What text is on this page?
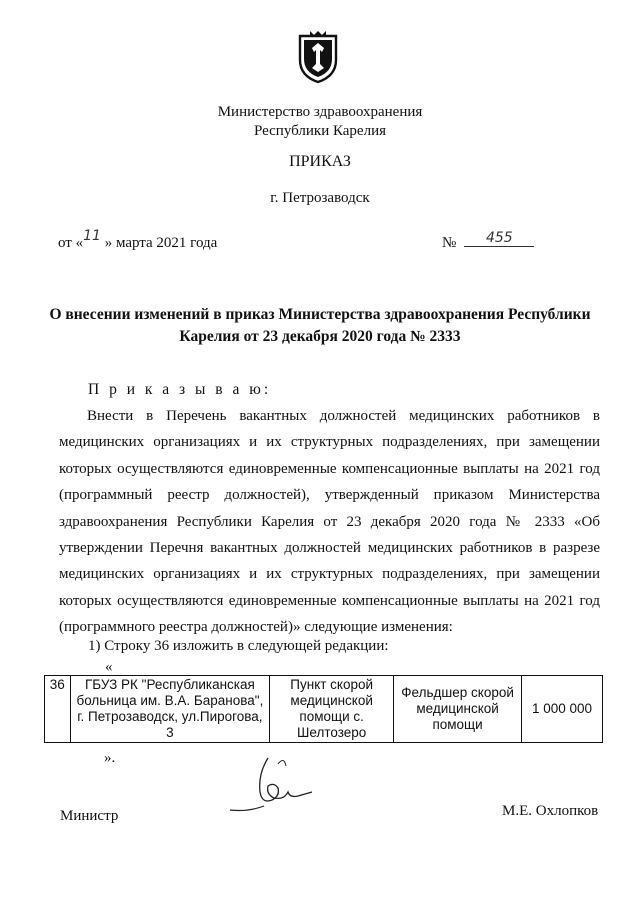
Министерство здравоохранения
Республики Карелия
ПРИКАЗ
г. Петрозаводск
от «11 » марта 2021 года	№ 455
О внесении изменений в приказ Министерства здравоохранения Республики
Карелия от 23 декабря 2020 года № 2333
П р и к а з ы в а ю:
Внести в Перечень вакантных должностей медицинских работников в медицинских организациях и их структурных подразделениях, при замещении которых осуществляются единовременные компенсационные выплаты на 2021 год (программный реестр должностей), утвержденный приказом Министерства здравоохранения Республики Карелия от 23 декабря 2020 года № 2333 «Об утверждении Перечня вакантных должностей медицинских работников в разрезе медицинских организациях и их структурных подразделениях, при замещении которых осуществляются единовременные компенсационные выплаты на 2021 год (программного реестра должностей)» следующие изменения:
1) Строку 36 изложить в следующей редакции:
«
36	ГБУЗ РК "Республиканская больница им. В.А. Баранова", г. Петрозаводск, ул.Пирогова, 3	Пункт скорой медицинской помощи с. Шелтозеро	Фельдшер скорой медицинской помощи	1 000 000
».
Министр	М.Е. Охлопков
